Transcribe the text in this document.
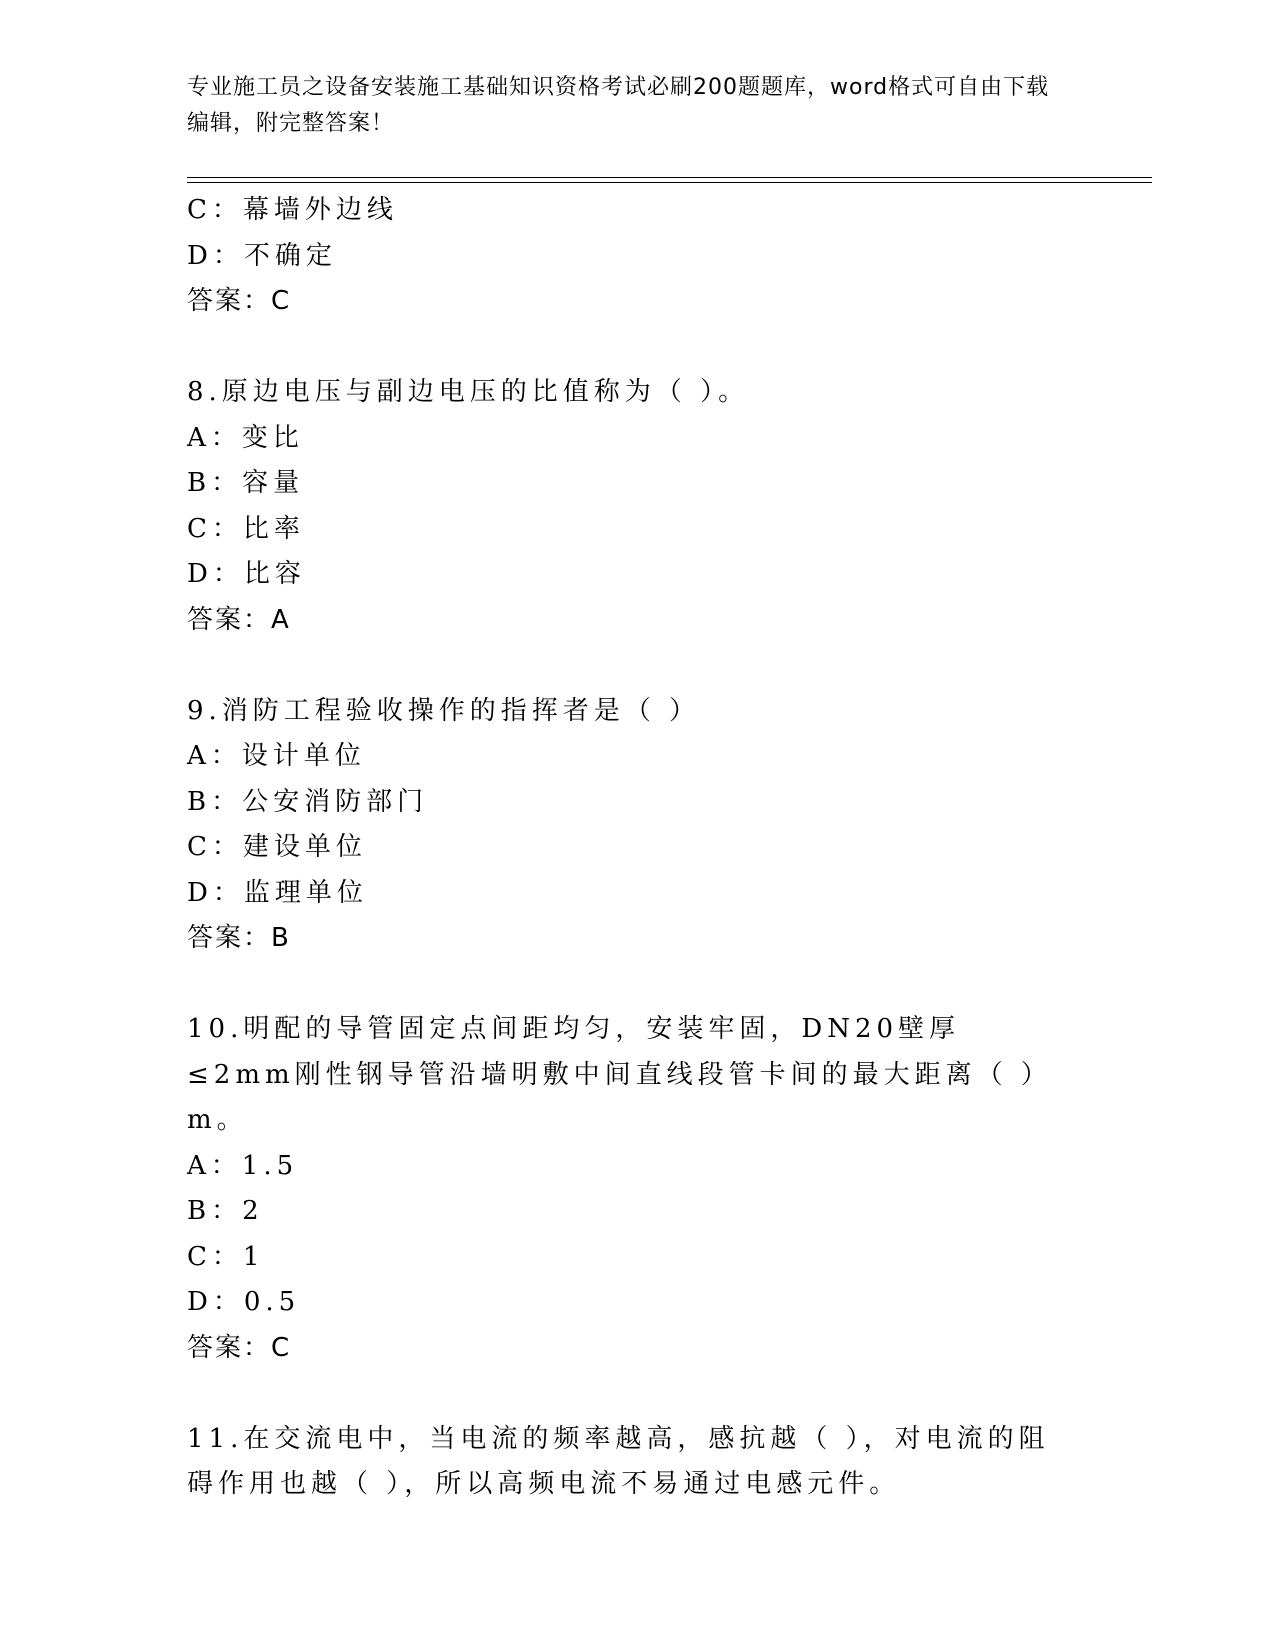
专业施工员之设备安装施工基础知识资格考试必刷200题题库，word格式可自由下载编辑，附完整答案！
C：幕墙外边线
D：不确定
答案：C
8.原边电压与副边电压的比值称为（ ）。
A：变比
B：容量
C：比率
D：比容
答案：A
9.消防工程验收操作的指挥者是（ ）
A：设计单位
B：公安消防部门
C：建设单位
D：监理单位
答案：B
10.明配的导管固定点间距均匀，安装牢固，DN20壁厚≤2mm刚性钢导管沿墙明敷中间直线段管卡间的最大距离（ ）m。
A：1.5
B：2
C：1
D：0.5
答案：C
11.在交流电中，当电流的频率越高，感抗越（ ），对电流的阻碍作用也越（ ），所以高频电流不易通过电感元件。
